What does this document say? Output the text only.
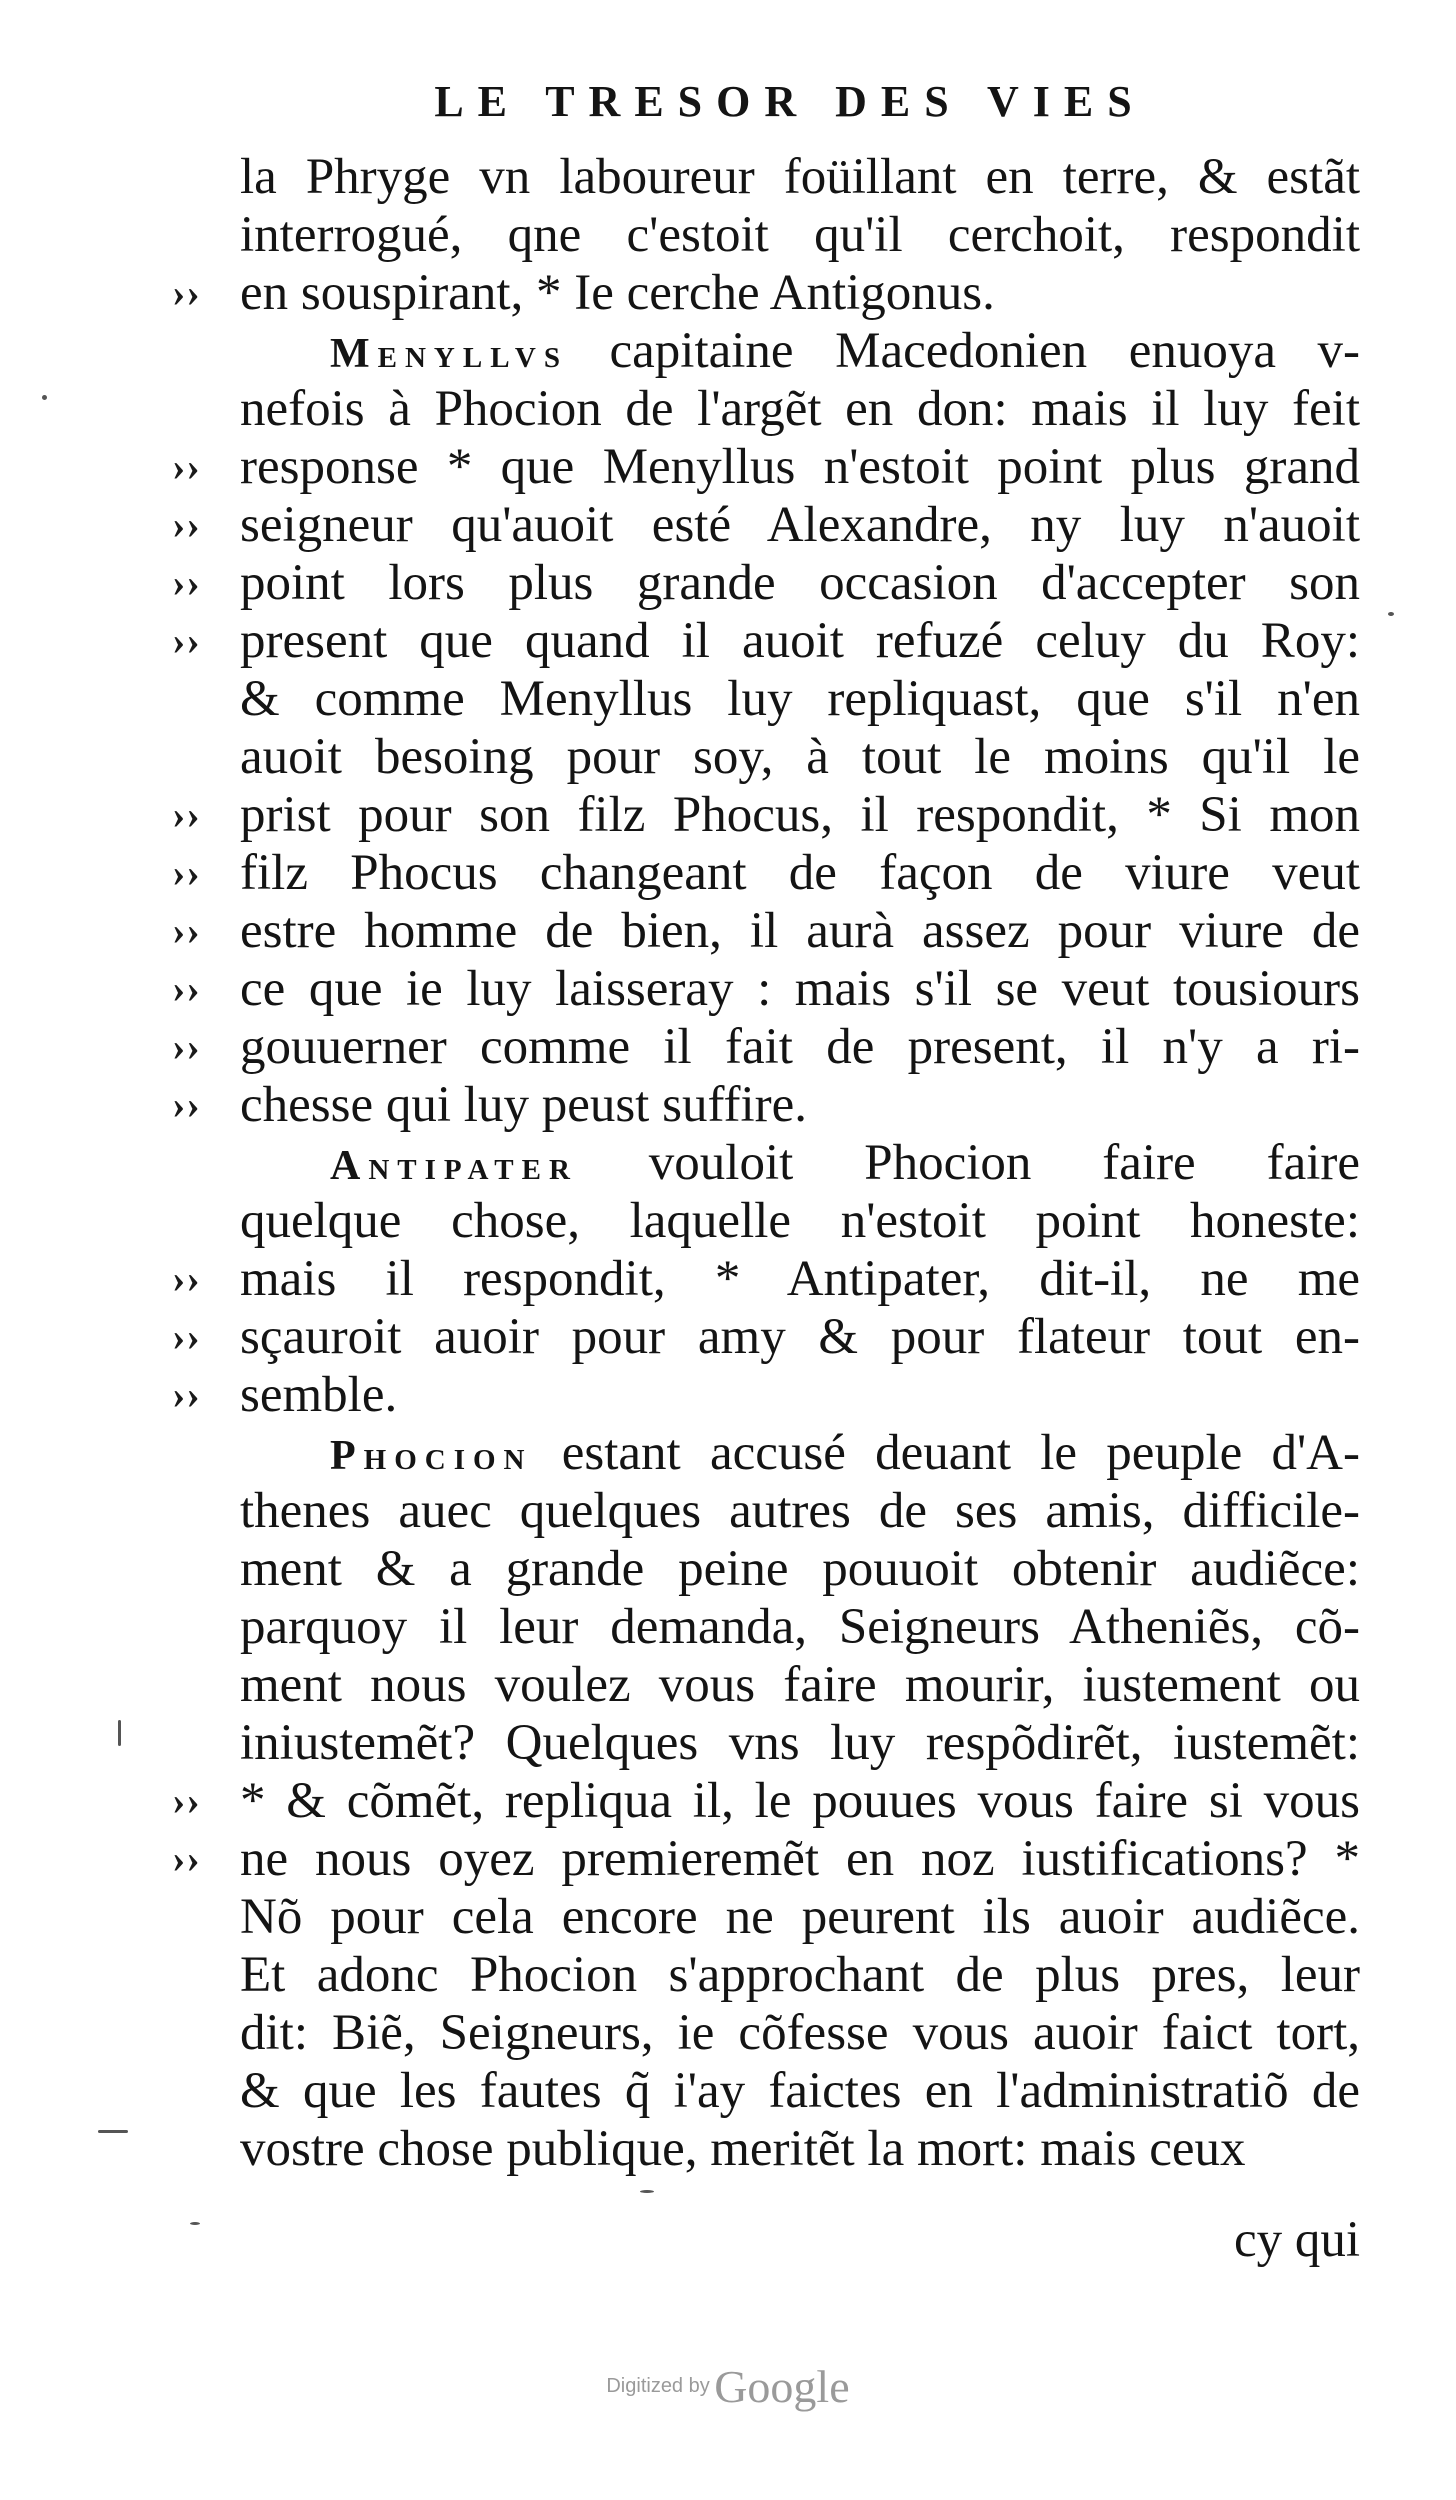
LE TRESOR DES VIES
la Phryge vn laboureur foüillant en terre, & estãt
interrogué, qne c'estoit qu'il cerchoit, respondit
›› en souspirant, * Ie cerche Antigonus.
Menyllvs capitaine Macedonien enuoya v-
nefois à Phocion de l'argẽt en don: mais il luy feit
›› response * que Menyllus n'estoit point plus grand
›› seigneur qu'auoit esté Alexandre, ny luy n'auoit
›› point lors plus grande occasion d'accepter son
›› present que quand il auoit refuzé celuy du Roy:
& comme Menyllus luy repliquast, que s'il n'en
auoit besoing pour soy, à tout le moins qu'il le
›› prist pour son filz Phocus, il respondit, * Si mon
›› filz Phocus changeant de façon de viure veut
›› estre homme de bien, il aurà assez pour viure de
›› ce que ie luy laisseray : mais s'il se veut tousiours
›› gouuerner comme il fait de present, il n'y a ri-
›› chesse qui luy peust suffire.
Antipater vouloit Phocion faire faire
quelque chose, laquelle n'estoit point honeste:
›› mais il respondit, * Antipater, dit-il, ne me
›› sçauroit auoir pour amy & pour flateur tout en-
›› semble.
Phocion estant accusé deuant le peuple d'A-
thenes auec quelques autres de ses amis, difficile-
ment & a grande peine pouuoit obtenir audiẽce:
parquoy il leur demanda, Seigneurs Atheniẽs, cõ-
ment nous voulez vous faire mourir, iustement ou
iniustemẽt? Quelques vns luy respõdirẽt, iustemẽt:
›› * & cõmẽt, repliqua il, le pouues vous faire si vous
›› ne nous oyez premieremẽt en noz iustifications? *
Nõ pour cela encore ne peurent ils auoir audiẽce.
Et adonc Phocion s'approchant de plus pres, leur
dit: Biẽ, Seigneurs, ie cõfesse vous auoir faict tort,
& que les fautes q̃ i'ay faictes en l'administratiõ de
vostre chose publique, meritẽt la mort: mais ceux
cy qui
Digitized by Google
